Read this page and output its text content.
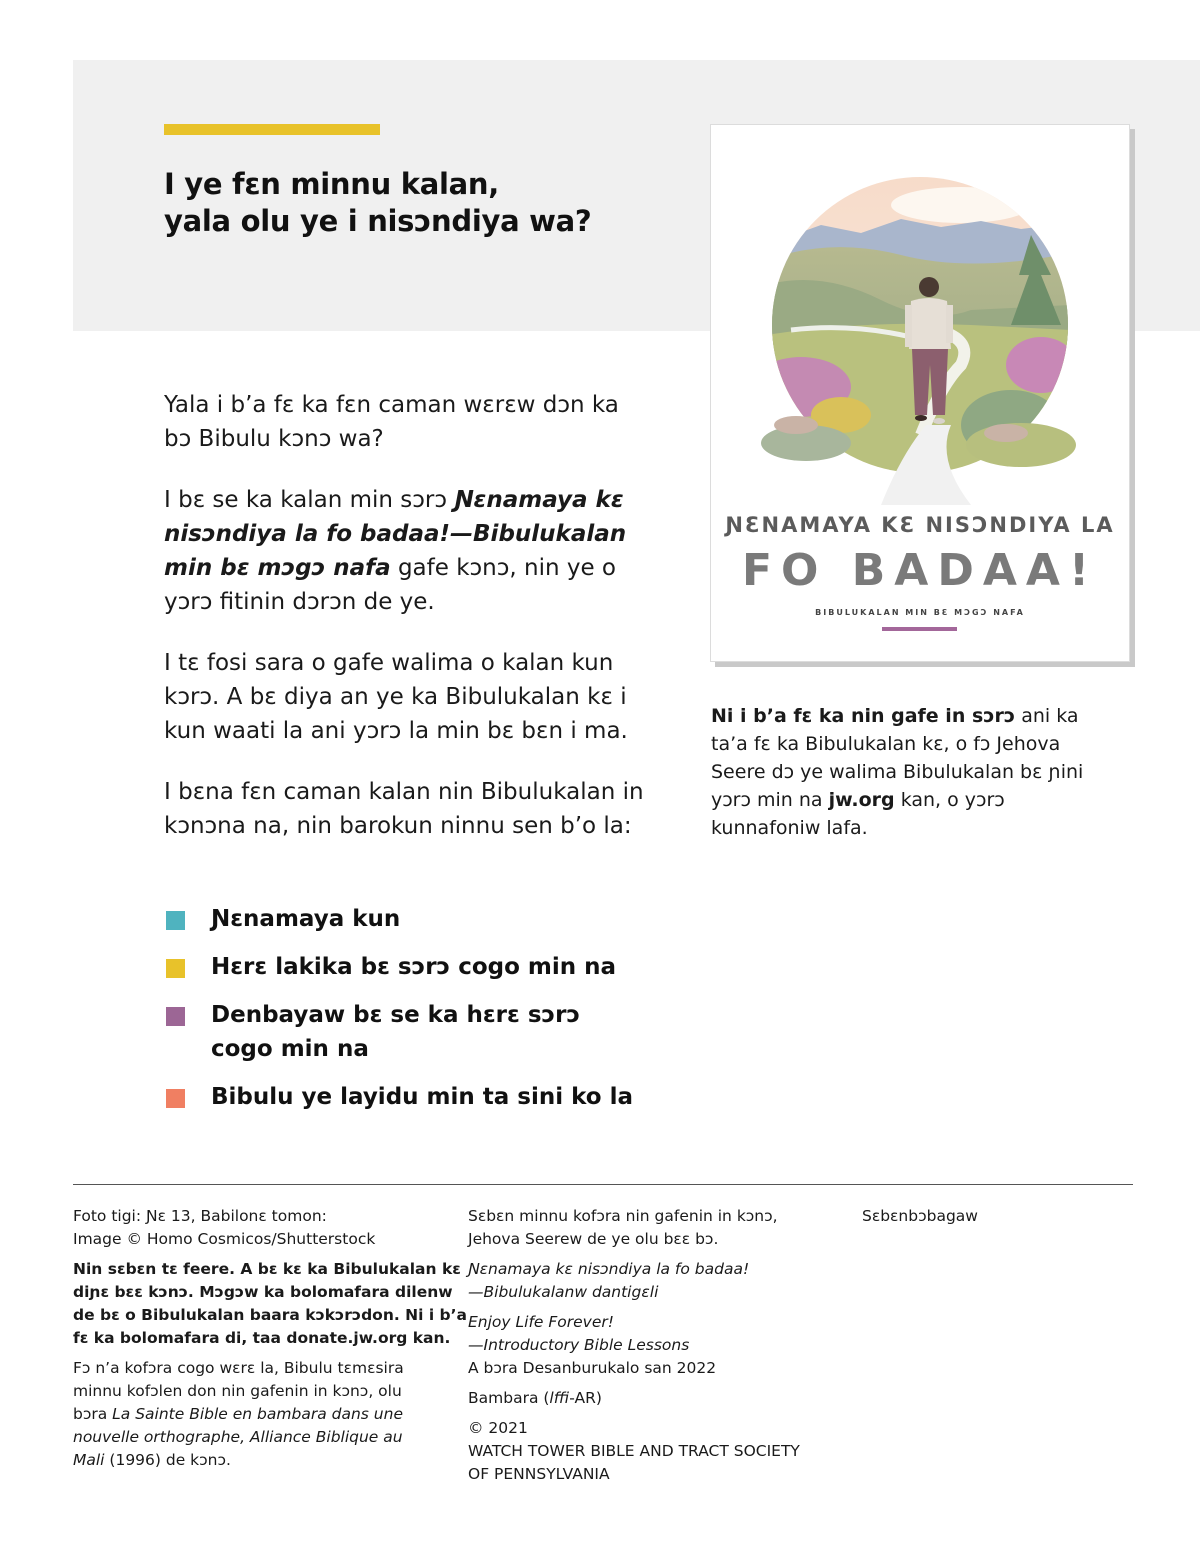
I ye fɛn minnu kalan,
yala olu ye i nisɔndiya wa?

Yala i b’a fɛ ka fɛn caman wɛrɛw dɔn ka
bɔ Bibulu kɔnɔ wa?

I bɛ se ka kalan min sɔrɔ Ɲɛnamaya kɛ
nisɔndiya la fo badaa!—Bibulukalan
min bɛ mɔgɔ nafa gafe kɔnɔ, nin ye o
yɔrɔ fitinin dɔrɔn de ye.

I tɛ fosi sara o gafe walima o kalan kun
kɔrɔ. A bɛ diya an ye ka Bibulukalan kɛ i
kun waati la ani yɔrɔ la min bɛ bɛn i ma.

I bɛna fɛn caman kalan nin Bibulukalan in
kɔnɔna na, nin barokun ninnu sen b’o la:

Ɲɛnamaya kun
Hɛrɛ lakika bɛ sɔrɔ cogo min na
Denbayaw bɛ se ka hɛrɛ sɔrɔ
cogo min na
Bibulu ye layidu min ta sini ko la
ƝƐNAMAYA KƐ NISƆNDIYA LA
FO BADAA!
BIBULUKALAN MIN BƐ MƆGƆ NAFA
Ni i b’a fɛ ka nin gafe in sɔrɔ ani ka
ta’a fɛ ka Bibulukalan kɛ, o fɔ Jehova
Seere dɔ ye walima Bibulukalan bɛ ɲini
yɔrɔ min na jw.org kan, o yɔrɔ
kunnafoniw lafa.

Foto tigi: Ɲɛ 13, Babilonɛ tomon:
Image © Homo Cosmicos/Shutterstock

Nin sɛbɛn tɛ feere. A bɛ kɛ ka Bibulukalan kɛ
diɲɛ bɛɛ kɔnɔ. Mɔgɔw ka bolomafara dilenw
de bɛ o Bibulukalan baara kɔkɔrɔdon. Ni i b’a
fɛ ka bolomafara di, taa donate.jw.org kan.

Fɔ n’a kofɔra cogo wɛrɛ la, Bibulu tɛmɛsira
minnu kofɔlen don nin gafenin in kɔnɔ, olu
bɔra La Sainte Bible en bambara dans une
nouvelle orthographe, Alliance Biblique au
Mali (1996) de kɔnɔ.

Sɛbɛn minnu kofɔra nin gafenin in kɔnɔ,
Jehova Seerew de ye olu bɛɛ bɔ.

Ɲɛnamaya kɛ nisɔndiya la fo badaa!
—Bibulukalanw dantigɛli

Enjoy Life Forever!
—Introductory Bible Lessons
A bɔra Desanburukalo san 2022

Bambara (lffi-AR)

© 2021
WATCH TOWER BIBLE AND TRACT SOCIETY
OF PENNSYLVANIA

Sɛbɛnbɔbagaw
